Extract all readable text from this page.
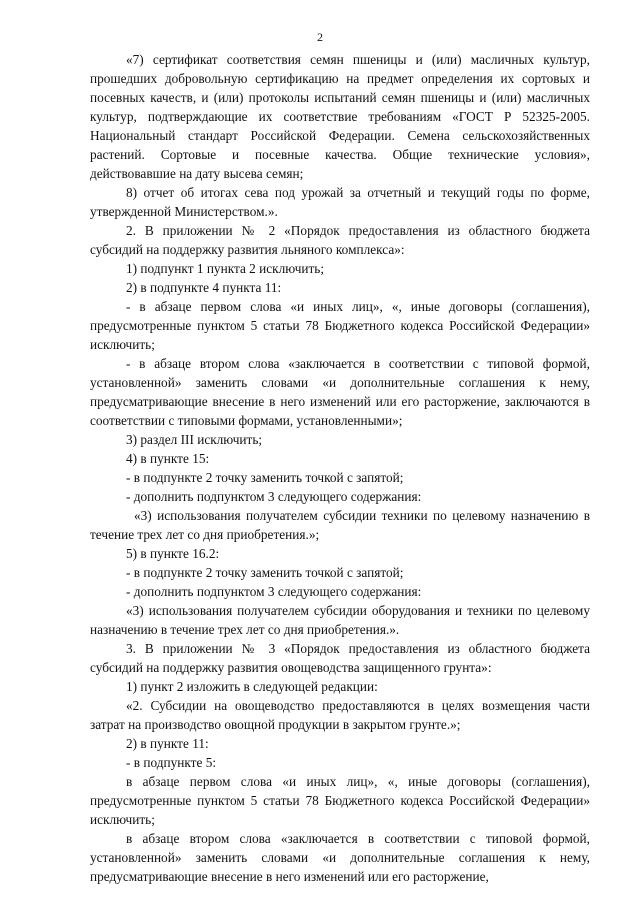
2

«7) сертификат соответствия семян пшеницы и (или) масличных культур, прошедших добровольную сертификацию на предмет определения их сортовых и посевных качеств, и (или) протоколы испытаний семян пшеницы и (или) масличных культур, подтверждающие их соответствие требованиям «ГОСТ Р 52325-2005. Национальный стандарт Российской Федерации. Семена сельскохозяйственных растений. Сортовые и посевные качества. Общие технические условия», действовавшие на дату высева семян;

8) отчет об итогах сева под урожай за отчетный и текущий годы по форме, утвержденной Министерством.».

2. В приложении № 2 «Порядок предоставления из областного бюджета субсидий на поддержку развития льняного комплекса»:

1) подпункт 1 пункта 2 исключить;

2) в подпункте 4 пункта 11:

- в абзаце первом слова «и иных лиц», «, иные договоры (соглашения), предусмотренные пунктом 5 статьи 78 Бюджетного кодекса Российской Федерации» исключить;

- в абзаце втором слова «заключается в соответствии с типовой формой, установленной» заменить словами «и дополнительные соглашения к нему, предусматривающие внесение в него изменений или его расторжение, заключаются в соответствии с типовыми формами, установленными»;

3) раздел III исключить;

4) в пункте 15:

- в подпункте 2 точку заменить точкой с запятой;

- дополнить подпунктом 3 следующего содержания:

«3) использования получателем субсидии техники по целевому назначению в течение трех лет со дня приобретения.»;

5) в пункте 16.2:

- в подпункте 2 точку заменить точкой с запятой;

- дополнить подпунктом 3 следующего содержания:

«3) использования получателем субсидии оборудования и техники по целевому назначению в течение трех лет со дня приобретения.».

3. В приложении № 3 «Порядок предоставления из областного бюджета субсидий на поддержку развития овощеводства защищенного грунта»:

1) пункт 2 изложить в следующей редакции:

«2. Субсидии на овощеводство предоставляются в целях возмещения части затрат на производство овощной продукции в закрытом грунте.»;

2) в пункте 11:

- в подпункте 5:

в абзаце первом слова «и иных лиц», «, иные договоры (соглашения), предусмотренные пунктом 5 статьи 78 Бюджетного кодекса Российской Федерации» исключить;

в абзаце втором слова «заключается в соответствии с типовой формой, установленной» заменить словами «и дополнительные соглашения к нему, предусматривающие внесение в него изменений или его расторжение,
